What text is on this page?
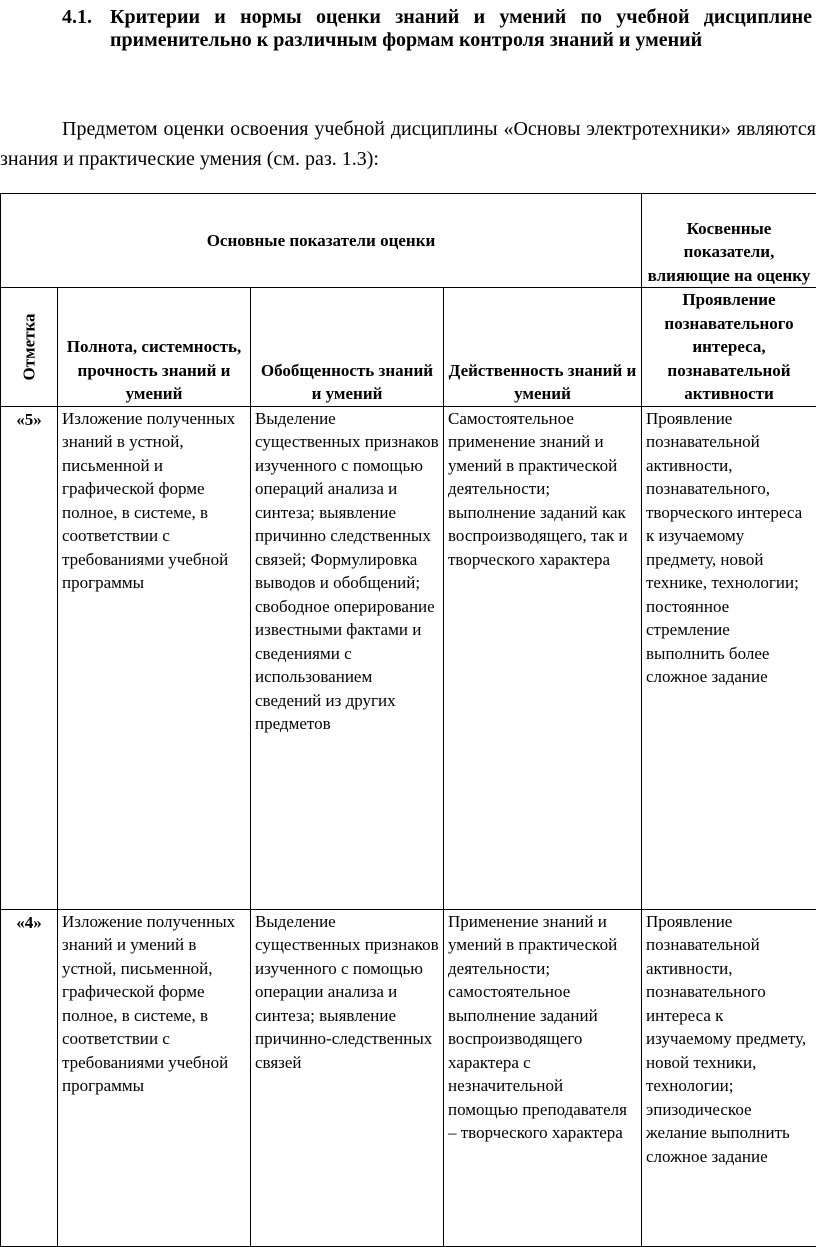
4.1. Критерии и нормы оценки знаний и умений по учебной дисциплине применительно к различным формам контроля знаний и умений
Предметом оценки освоения учебной дисциплины «Основы электротехники» являются знания и практические умения (см. раз. 1.3):
Основные показатели оценки				Косвенные показатели, влияющие на оценку

Отметка	Полнота, системность, прочность знаний и умений	Обобщенность знаний и умений	Действенность знаний и умений	Проявление познавательного интереса, познавательной активности
«5»	Изложение полученных знаний в устной, письменной и графической форме полное, в системе, в соответствии с требованиями учебной программы	Выделение существенных признаков изученного с помощью операций анализа и синтеза; выявление причинно следственных связей; Формулировка выводов и обобщений; свободное оперирование известными фактами и сведениями с использованием сведений из других предметов	Самостоятельное применение знаний и умений в практической деятельности; выполнение заданий как воспроизводящего, так и творческого характера	Проявление познавательной активности, познавательного, творческого интереса к изучаемому предмету, новой технике, технологии; постоянное стремление выполнить более сложное задание
«4»	Изложение полученных знаний и умений в устной, письменной, графической форме полное, в системе, в соответствии с требованиями учебной программы	Выделение существенных признаков изученного с помощью операции анализа и синтеза; выявление причинно-следственных связей	Применение знаний и умений в практической деятельности; самостоятельное выполнение заданий воспроизводящего характера с незначительной помощью преподавателя – творческого характера	Проявление познавательной активности, познавательного интереса к изучаемому предмету, новой техники, технологии; эпизодическое желание выполнить сложное задание
